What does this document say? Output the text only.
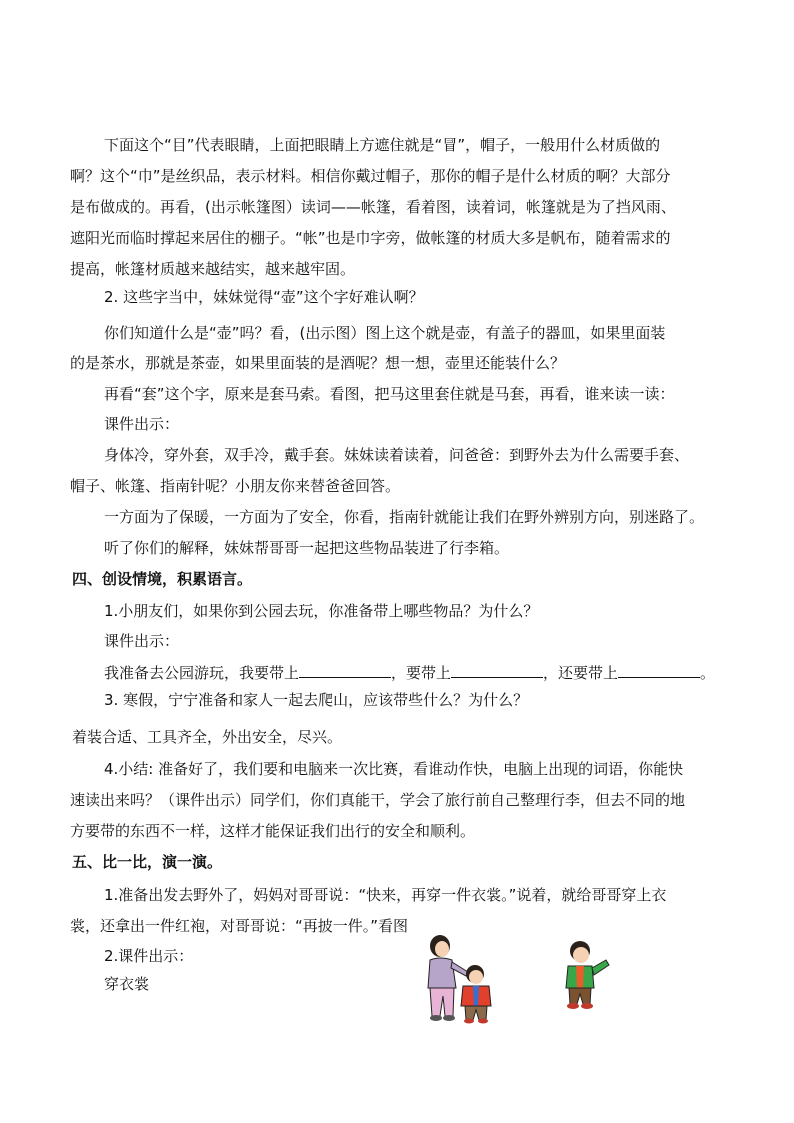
下面这个“目”代表眼睛，上面把眼睛上方遮住就是“冒”，帽子，一般用什么材质做的
啊？这个“巾”是丝织品，表示材料。相信你戴过帽子，那你的帽子是什么材质的啊？大部分
是布做成的。再看，(出示帐篷图）读词——帐篷，看着图，读着词，帐篷就是为了挡风雨、
遮阳光而临时撑起来居住的棚子。“帐”也是巾字旁，做帐篷的材质大多是帆布，随着需求的
提高，帐篷材质越来越结实，越来越牢固。
2. 这些字当中，妹妹觉得“壶”这个字好难认啊？
你们知道什么是“壶”吗？看，(出示图）图上这个就是壶，有盖子的器皿，如果里面装
的是茶水，那就是茶壶，如果里面装的是酒呢？想一想，壶里还能装什么？
再看“套”这个字，原来是套马索。看图，把马这里套住就是马套，再看，谁来读一读：
课件出示：
身体冷，穿外套，双手冷，戴手套。妹妹读着读着，问爸爸：到野外去为什么需要手套、
帽子、帐篷、指南针呢？小朋友你来替爸爸回答。
一方面为了保暖，一方面为了安全，你看，指南针就能让我们在野外辨别方向，别迷路了。
听了你们的解释，妹妹帮哥哥一起把这些物品装进了行李箱。
四、创设情境，积累语言。
1.小朋友们，如果你到公园去玩，你准备带上哪些物品？为什么？
课件出示：
我准备去公园游玩，我要带上	，要带上	，还要带上	。
3. 寒假，宁宁准备和家人一起去爬山，应该带些什么？为什么？
着装合适、工具齐全，外出安全，尽兴。
4.小结: 准备好了，我们要和电脑来一次比赛，看谁动作快，电脑上出现的词语，你能快
速读出来吗？（课件出示）同学们，你们真能干，学会了旅行前自己整理行李，但去不同的地
方要带的东西不一样，这样才能保证我们出行的安全和顺利。
五、比一比，演一演。
1.准备出发去野外了，妈妈对哥哥说：“快来，再穿一件衣裳。”说着，就给哥哥穿上衣
裳，还拿出一件红袍，对哥哥说：“再披一件。”看图
2.课件出示：
穿衣裳
